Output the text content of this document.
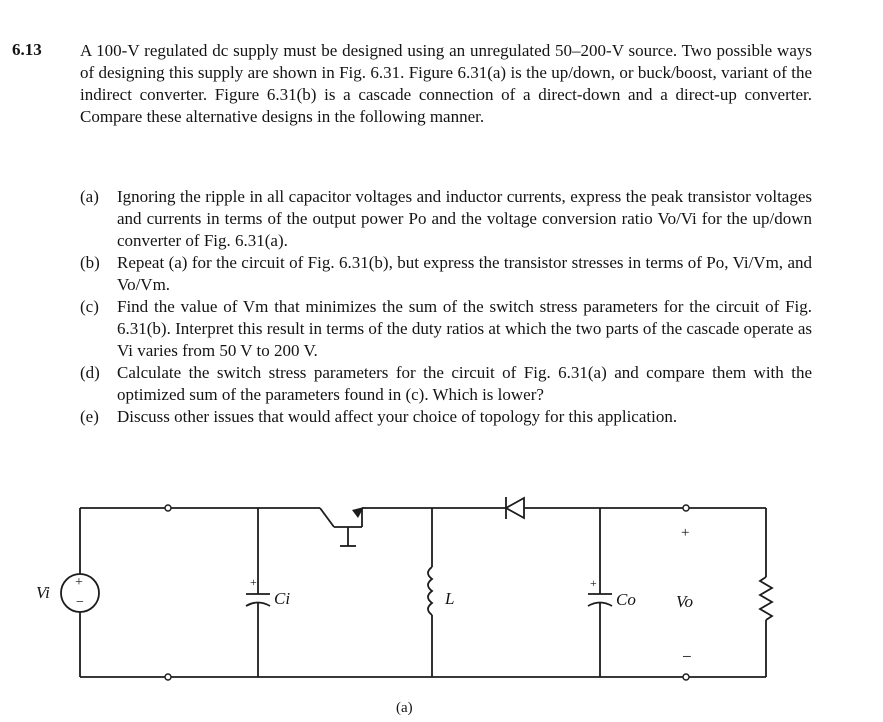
6.13 A 100-V regulated dc supply must be designed using an unregulated 50–200-V source. Two possible ways of designing this supply are shown in Fig. 6.31. Figure 6.31(a) is the up/down, or buck/boost, variant of the indirect converter. Figure 6.31(b) is a cascade connection of a direct-down and a direct-up converter. Compare these alternative designs in the following manner.

(a) Ignoring the ripple in all capacitor voltages and inductor currents, express the peak transistor voltages and currents in terms of the output power Po and the voltage conversion ratio Vo/Vi for the up/down converter of Fig. 6.31(a).
(b) Repeat (a) for the circuit of Fig. 6.31(b), but express the transistor stresses in terms of Po, Vi/Vm, and Vo/Vm.
(c) Find the value of Vm that minimizes the sum of the switch stress parameters for the circuit of Fig. 6.31(b). Interpret this result in terms of the duty ratios at which the two parts of the cascade operate as Vi varies from 50 V to 200 V.
(d) Calculate the switch stress parameters for the circuit of Fig. 6.31(a) and compare them with the optimized sum of the parameters found in (c). Which is lower?
(e) Discuss other issues that would affect your choice of topology for this application.
+
−
Vi
+
Ci	L
+
Co
+
Vo
−
(a)
